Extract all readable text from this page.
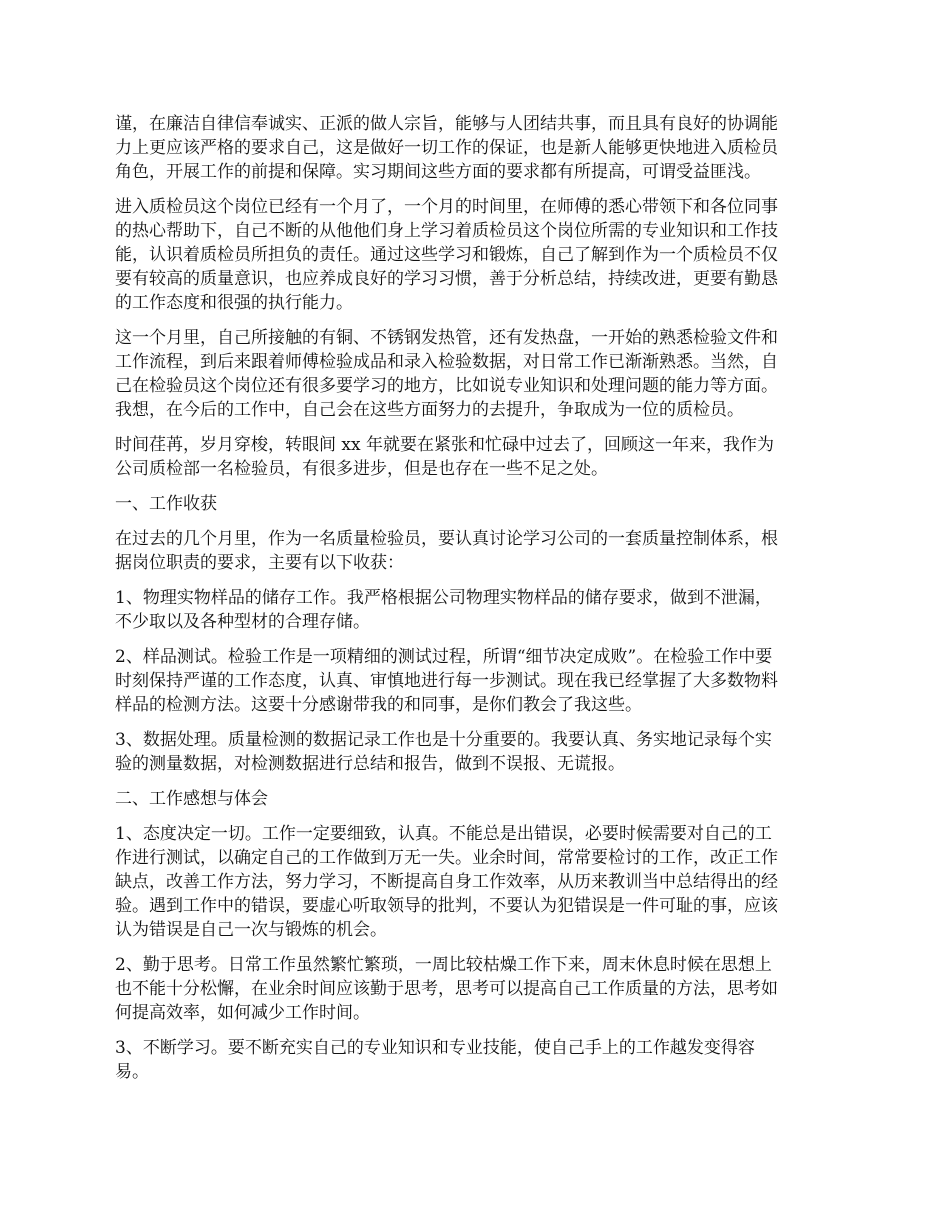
谨，在廉洁自律信奉诚实、正派的做人宗旨，能够与人团结共事，而且具有良好的协调能
力上更应该严格的要求自己，这是做好一切工作的保证，也是新人能够更快地进入质检员
角色，开展工作的前提和保障。实习期间这些方面的要求都有所提高，可谓受益匪浅。
进入质检员这个岗位已经有一个月了，一个月的时间里，在师傅的悉心带领下和各位同事
的热心帮助下，自己不断的从他他们身上学习着质检员这个岗位所需的专业知识和工作技
能，认识着质检员所担负的责任。通过这些学习和锻炼，自己了解到作为一个质检员不仅
要有较高的质量意识，也应养成良好的学习习惯，善于分析总结，持续改进，更要有勤恳
的工作态度和很强的执行能力。
这一个月里，自己所接触的有铜、不锈钢发热管，还有发热盘，一开始的熟悉检验文件和
工作流程，到后来跟着师傅检验成品和录入检验数据，对日常工作已渐渐熟悉。当然，自
己在检验员这个岗位还有很多要学习的地方，比如说专业知识和处理问题的能力等方面。
我想，在今后的工作中，自己会在这些方面努力的去提升，争取成为一位的质检员。
时间荏苒，岁月穿梭，转眼间 xx 年就要在紧张和忙碌中过去了，回顾这一年来，我作为
公司质检部一名检验员，有很多进步，但是也存在一些不足之处。
一、工作收获
在过去的几个月里，作为一名质量检验员，要认真讨论学习公司的一套质量控制体系，根
据岗位职责的要求，主要有以下收获：
1、物理实物样品的储存工作。我严格根据公司物理实物样品的储存要求，做到不泄漏，
不少取以及各种型材的合理存储。
2、样品测试。检验工作是一项精细的测试过程，所谓“细节决定成败”。在检验工作中要
时刻保持严谨的工作态度，认真、审慎地进行每一步测试。现在我已经掌握了大多数物料
样品的检测方法。这要十分感谢带我的和同事，是你们教会了我这些。
3、数据处理。质量检测的数据记录工作也是十分重要的。我要认真、务实地记录每个实
验的测量数据，对检测数据进行总结和报告，做到不误报、无谎报。
二、工作感想与体会
1、态度决定一切。工作一定要细致，认真。不能总是出错误，必要时候需要对自己的工
作进行测试，以确定自己的工作做到万无一失。业余时间，常常要检讨的工作，改正工作
缺点，改善工作方法，努力学习，不断提高自身工作效率，从历来教训当中总结得出的经
验。遇到工作中的错误，要虚心听取领导的批判，不要认为犯错误是一件可耻的事，应该
认为错误是自己一次与锻炼的机会。
2、勤于思考。日常工作虽然繁忙繁琐，一周比较枯燥工作下来，周末休息时候在思想上
也不能十分松懈，在业余时间应该勤于思考，思考可以提高自己工作质量的方法，思考如
何提高效率，如何减少工作时间。
3、不断学习。要不断充实自己的专业知识和专业技能，使自己手上的工作越发变得容
易。
